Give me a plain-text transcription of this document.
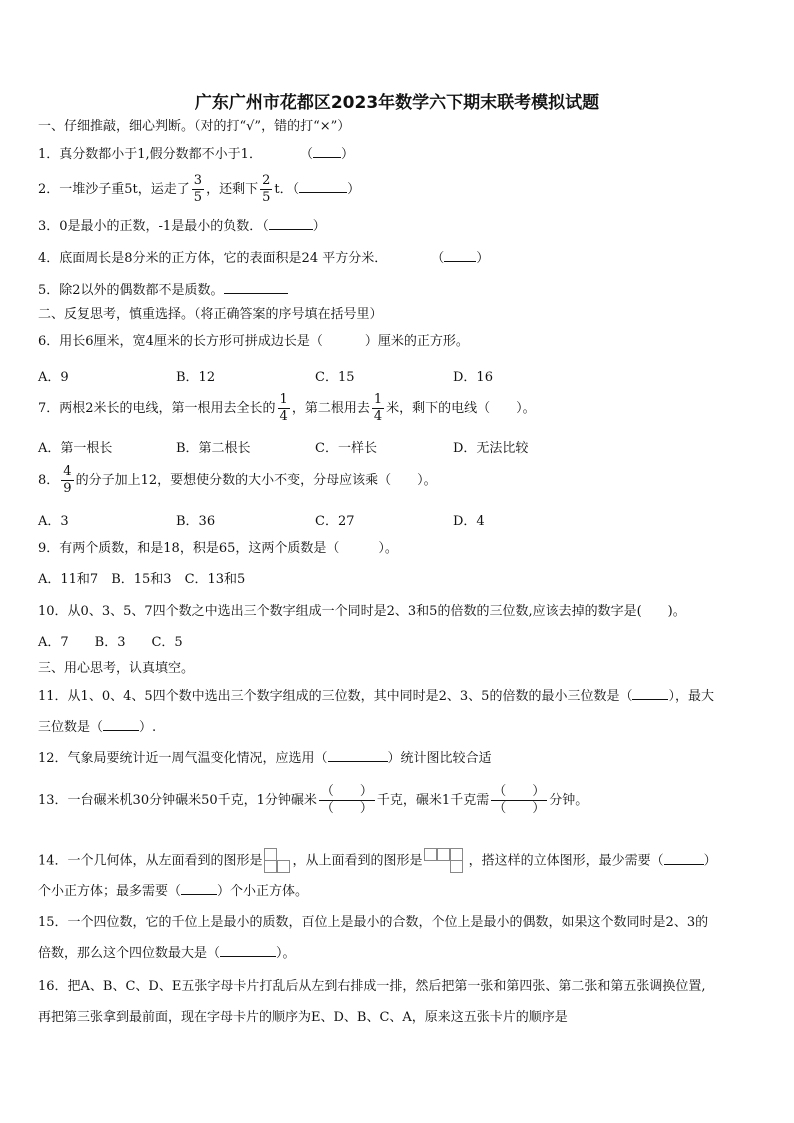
广东广州市花都区2023年数学六下期末联考模拟试题
一、仔细推敲，细心判断。（对的打“√”，错的打“×”）
1．真分数都小于1,假分数都不小于1．	（ ）
2．一堆沙子重5t，运走了 $\frac{3}{5}$ ，还剩下 $\frac{2}{5}$ t．（	）
3．0是最小的正数，-1是最小的负数．（	）
4．底面周长是8分米的正方体，它的表面积是24 平方分米．	（ ）
5．除2以外的偶数都不是质数。
二、反复思考，慎重选择。（将正确答案的序号填在括号里）
6．用长6厘米，宽4厘米的长方形可拼成边长是（	）厘米的正方形。
A．9	B．12	C．15	D．16
7．两根2米长的电线，第一根用去全长的 $\frac{1}{4}$ ，第二根用去 $\frac{1}{4}$ 米，剩下的电线（　　）。
A．第一根长	B．第二根长	C．一样长	D．无法比较
8． $\frac{4}{9}$ 的分子加上12，要想使分数的大小不变，分母应该乘（　　）。
A．3	B．36	C．27	D．4
9．有两个质数，和是18，积是65，这两个质数是（　　　）。
A．11和7　B．15和3　C．13和5
10．从0、3、5、7四个数之中选出三个数字组成一个同时是2、3和5的倍数的三位数,应该去掉的数字是(　　)。
A．7　　B．3　　C．5
三、用心思考，认真填空。
11．从1、0、4、5四个数中选出三个数字组成的三位数，其中同时是2、3、5的倍数的最小三位数是（	），最大
三位数是（	）.
12．气象局要统计近一周气温变化情况，应选用（	）统计图比较合适
13．一台碾米机30分钟碾米50千克，1分钟碾米 $\frac{( )}{( )}$ 千克，碾米1千克需 $\frac{( )}{( )}$ 分钟。
14．一个几何体，从左面看到的图形是 ，从上面看到的图形是	，搭这样的立体图形，最少需要（	）
个小正方体；最多需要（	）个小正方体。
15．一个四位数，它的千位上是最小的质数，百位上是最小的合数，个位上是最小的偶数，如果这个数同时是2、3的
倍数，那么这个四位数最大是（	）。
16．把A、B、C、D、E五张字母卡片打乱后从左到右排成一排，然后把第一张和第四张、第二张和第五张调换位置,
再把第三张拿到最前面，现在字母卡片的顺序为E、D、B、C、A，原来这五张卡片的顺序是
